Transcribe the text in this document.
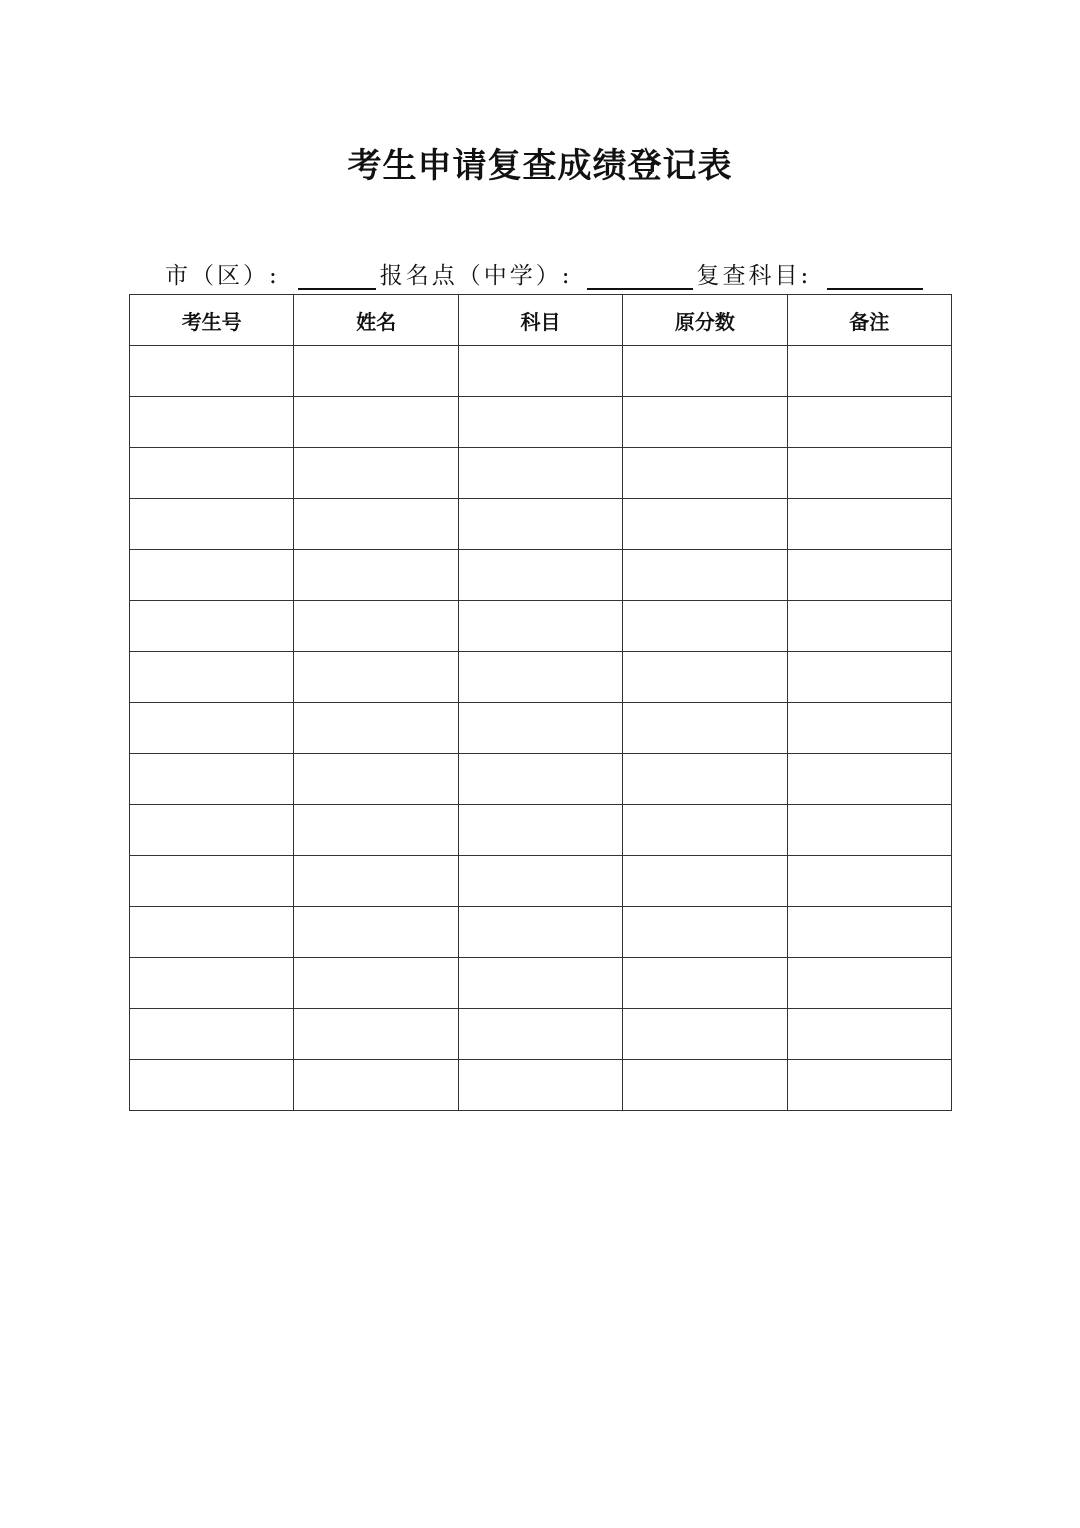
考生申请复查成绩登记表
市（区）:	报名点（中学）:	复查科目:
考生号	姓名	科目	原分数	备注
